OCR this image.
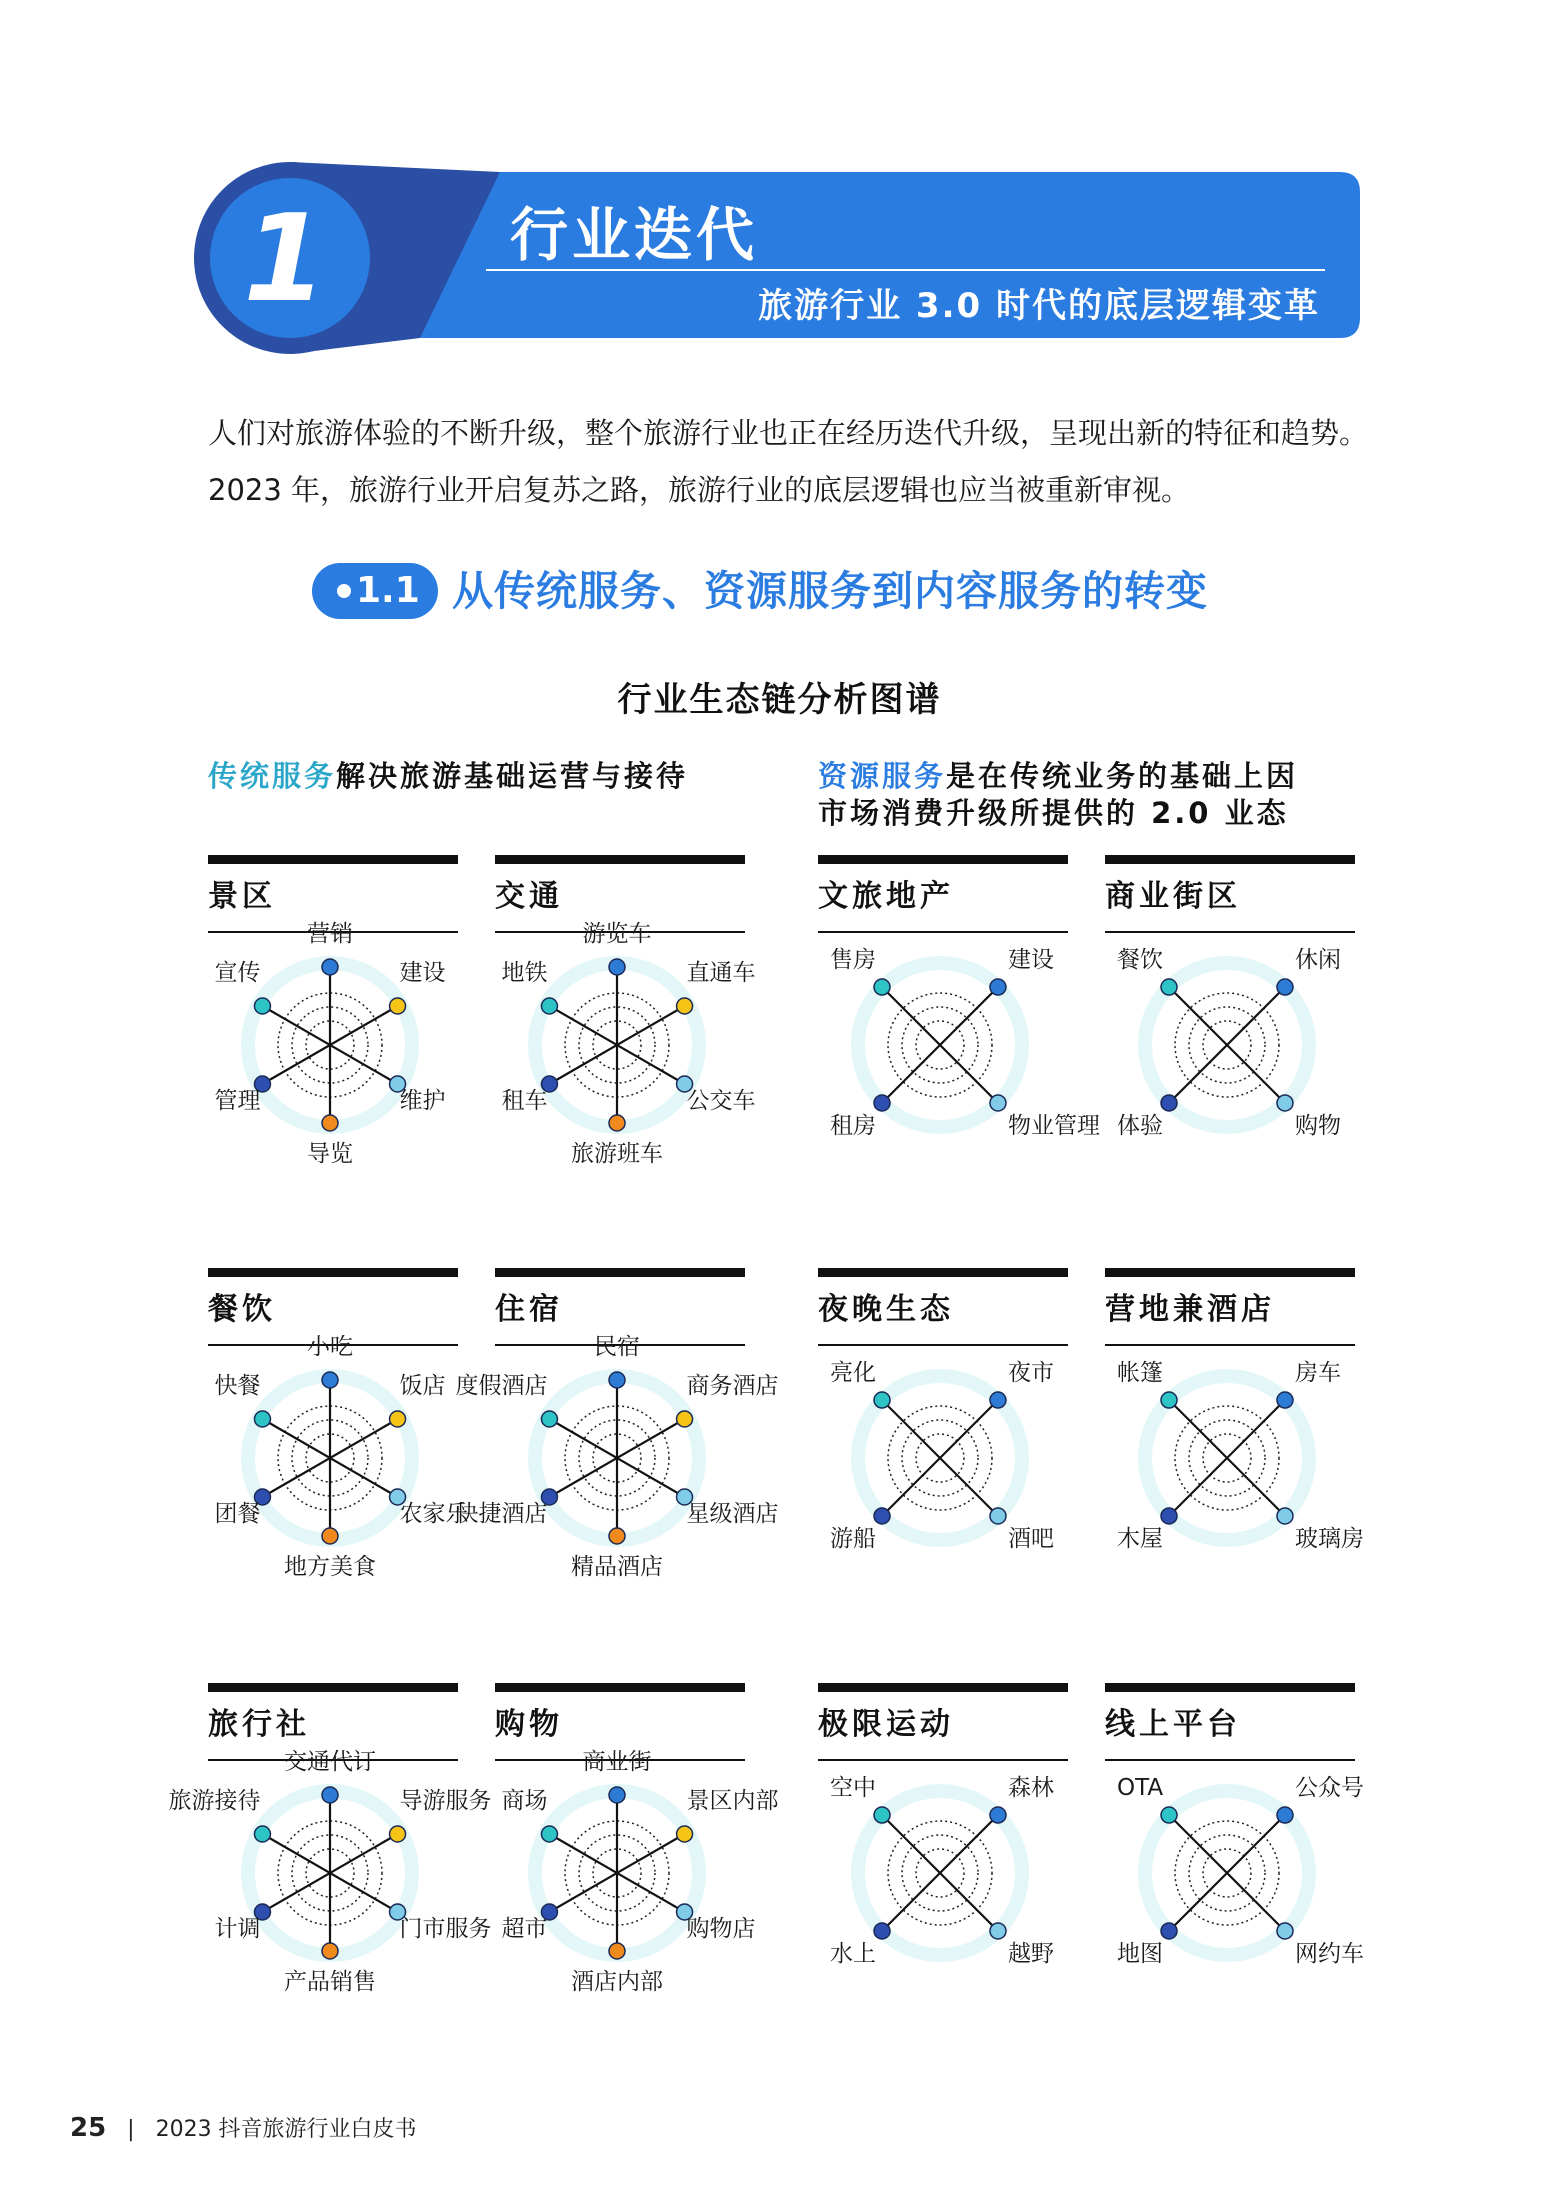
1	行业迭代
旅游行业 3.0 时代的底层逻辑变革
人们对旅游体验的不断升级，整个旅游行业也正在经历迭代升级，呈现出新的特征和趋势。2023 年，旅游行业开启复苏之路，旅游行业的底层逻辑也应当被重新审视。
1.1 从传统服务、资源服务到内容服务的转变
行业生态链分析图谱
传统服务解决旅游基础运营与接待	资源服务是在传统业务的基础上因
市场消费升级所提供的 2.0 业态
景区
营销
建设
维护
导览
管理
宣传
交通
游览车
直通车
公交车
旅游班车
租车
地铁
文旅地产
售房	建设
物业管理
租房
商业街区
餐饮	休闲
购物
体验
餐饮
小吃
饭店
农家乐
地方美食
团餐
快餐
住宿
民宿
商务酒店
星级酒店
精品酒店
快捷酒店
度假酒店
夜晚生态
亮化	夜市
酒吧
游船
营地兼酒店
帐篷	房车
玻璃房
木屋
旅行社
交通代订
导游服务
门市服务
产品销售
计调
旅游接待
购物
商业街
景区内部
购物店
酒店内部
超市
商场
极限运动
空中	森林
越野
水上
线上平台
OTA	公众号
网约车
地图
25   |   2023 抖音旅游行业白皮书
